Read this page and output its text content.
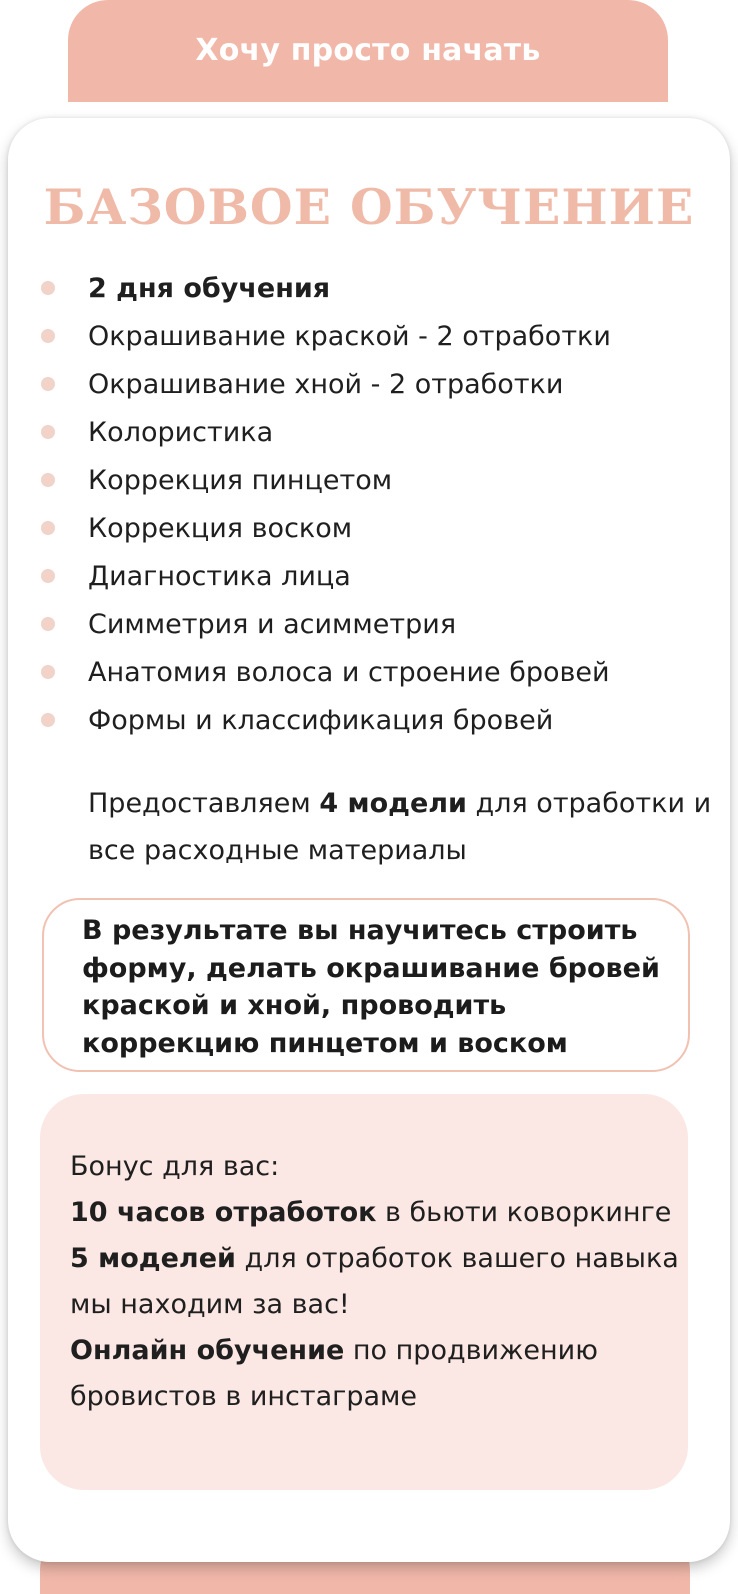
Хочу просто начать
БАЗОВОЕ ОБУЧЕНИЕ
2 дня обучения
Окрашивание краской - 2 отработки
Окрашивание хной - 2 отработки
Колористика
Коррекция пинцетом
Коррекция воском
Диагностика лица
Симметрия и асимметрия
Анатомия волоса и строение бровей
Формы и классификация бровей

Предоставляем 4 модели для отработки и все расходные материалы

В результате вы научитесь строить форму, делать окрашивание бровей краской и хной, проводить коррекцию пинцетом и воском

Бонус для вас:
10 часов отработок в бьюти коворкинге
5 моделей для отработок вашего навыка
мы находим за вас!
Онлайн обучение по продвижению
бровистов в инстаграме
